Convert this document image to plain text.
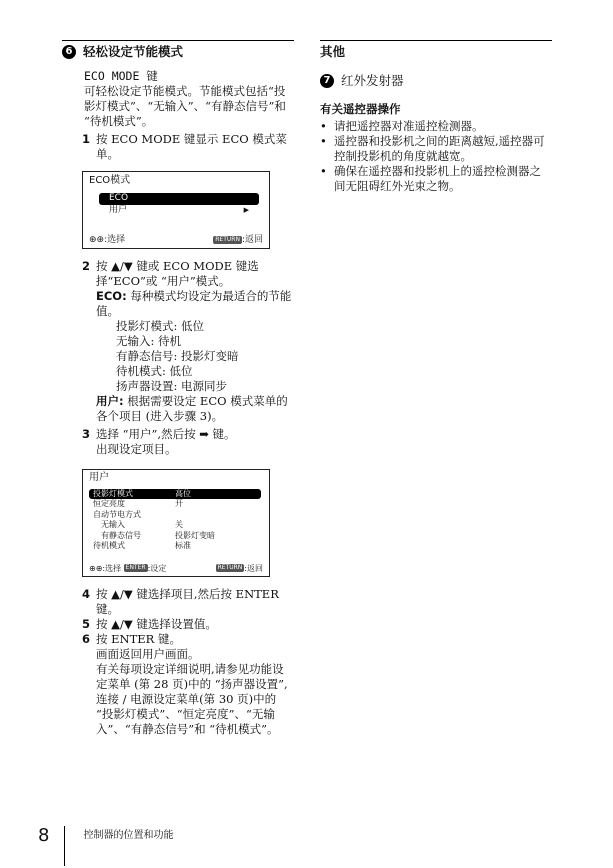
6 轻松设定节能模式

ECO MODE 键

可轻松设定节能模式。节能模式包括“投影灯模式”、“无输入”、“有静态信号”和 “待机模式”。

1 按 ECO MODE 键显示 ECO 模式菜单。
ECO模式
ECO
用户	▶
⊕⊕:选择	RETURN :返回
2 按 ▲/▼ 键或 ECO MODE 键选择“ECO”或 “用户”模式。

ECO: 每种模式均设定为最适合的节能值。

投影灯模式: 低位

无输入: 待机

有静态信号: 投影灯变暗

待机模式: 低位

扬声器设置: 电源同步

用户: 根据需要设定 ECO 模式菜单的各个项目 (进入步骤 3)。

3 选择 “用户”,然后按 ➡ 键。
出现设定项目。
用户
投影灯模式	高位
恒定亮度	开
自动节电方式
无输入	关
有静态信号	投影灯变暗
待机模式	标准
⊕⊕:选择 ENTER :设定	RETURN :返回
4 按 ▲/▼ 键选择项目,然后按 ENTER 键。
5 按 ▲/▼ 键选择设置值。
6 按 ENTER 键。
画面返回用户画面。
有关每项设定详细说明,请参见功能设定菜单 (第 28 页)中的 “扬声器设置”,连接 / 电源设定菜单(第 30 页)中的 “投影灯模式”、“恒定亮度”、“无输入”、“有静态信号”和 “待机模式”。

其他

7 红外发射器

有关遥控器操作

• 请把遥控器对准遥控检测器。
• 遥控器和投影机之间的距离越短,遥控器可控制投影机的角度就越宽。
• 确保在遥控器和投影机上的遥控检测器之间无阻碍红外光束之物。
8	控制器的位置和功能
